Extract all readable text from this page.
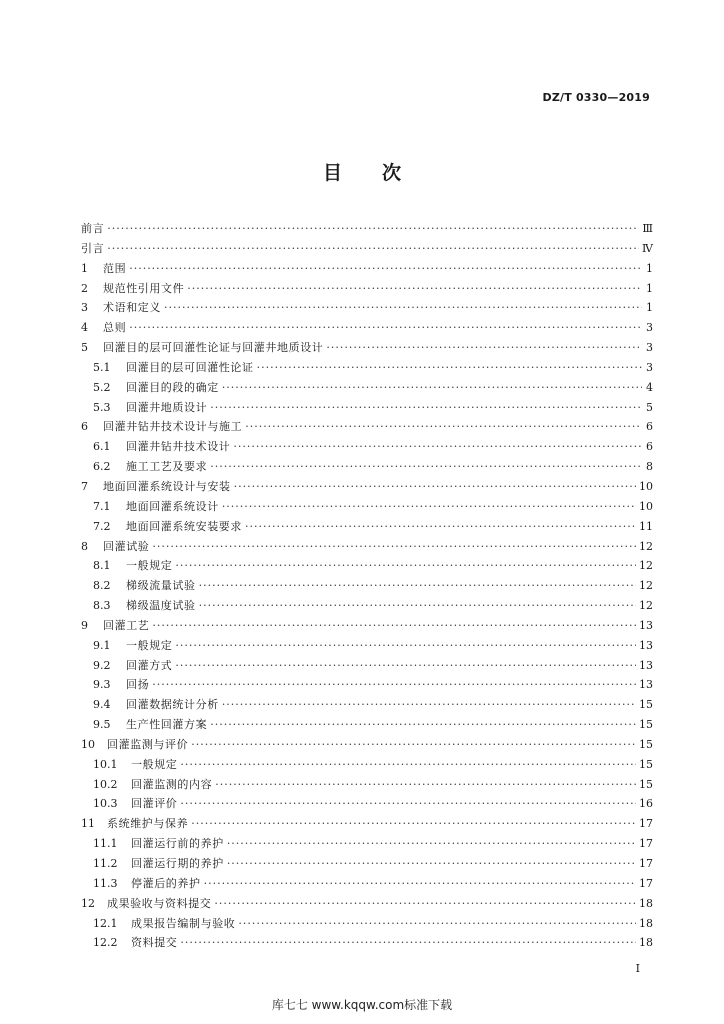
DZ/T 0330—2019
目 次
前言 ·····	Ⅲ
引言 ·····	Ⅳ
1	范围 ·····	1
2	规范性引用文件 ·····	1
3	术语和定义 ·····	1
4	总则 ·····	3
5	回灌目的层可回灌性论证与回灌井地质设计 ·····	3
5.1	回灌目的层可回灌性论证 ·····	3
5.2	回灌目的段的确定 ·····	4
5.3	回灌井地质设计 ·····	5
6	回灌井钻井技术设计与施工 ·····	6
6.1	回灌井钻井技术设计 ·····	6
6.2	施工工艺及要求 ·····	8
7	地面回灌系统设计与安装 ·····	10
7.1	地面回灌系统设计 ·····	10
7.2	地面回灌系统安装要求 ·····	11
8	回灌试验 ·····	12
8.1	一般规定 ·····	12
8.2	梯级流量试验 ·····	12
8.3	梯级温度试验 ·····	12
9	回灌工艺 ·····	13
9.1	一般规定 ·····	13
9.2	回灌方式 ·····	13
9.3	回扬 ·····	13
9.4	回灌数据统计分析 ·····	15
9.5	生产性回灌方案 ·····	15
10	回灌监测与评价 ·····	15
10.1	一般规定 ·····	15
10.2	回灌监测的内容 ·····	15
10.3	回灌评价 ·····	16
11	系统维护与保养 ·····	17
11.1	回灌运行前的养护 ·····	17
11.2	回灌运行期的养护 ·····	17
11.3	停灌后的养护 ·····	17
12	成果验收与资料提交 ·····	18
12.1	成果报告编制与验收 ·····	18
12.2	资料提交 ·····	18
Ⅰ
库七七 www.kqqw.com标准下载
